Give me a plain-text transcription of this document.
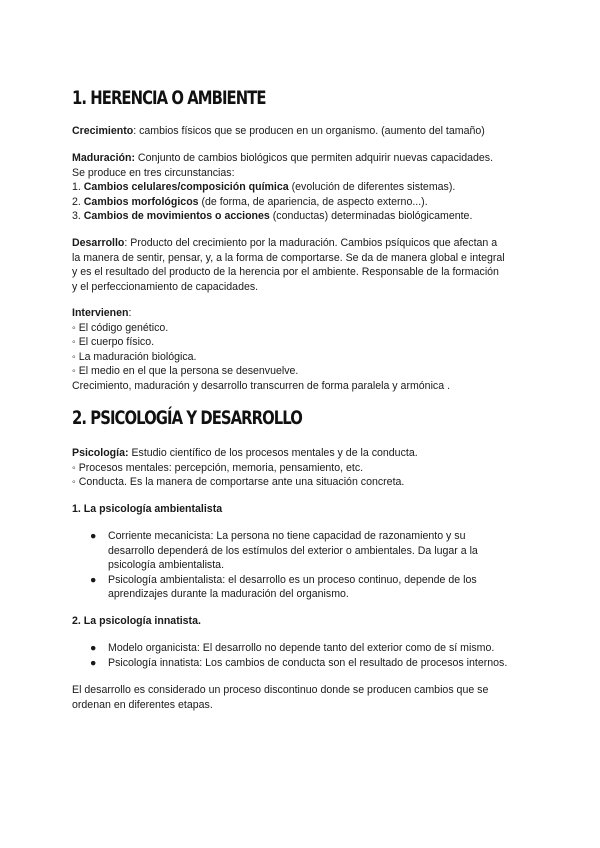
1. HERENCIA O AMBIENTE
Crecimiento: cambios físicos que se producen en un organismo. (aumento del tamaño)
Maduración: Conjunto de cambios biológicos que permiten adquirir nuevas capacidades.
Se produce en tres circunstancias:
1. Cambios celulares/composición química (evolución de diferentes sistemas).
2. Cambios morfológicos (de forma, de apariencia, de aspecto externo...).
3. Cambios de movimientos o acciones (conductas) determinadas biológicamente.
Desarrollo: Producto del crecimiento por la maduración. Cambios psíquicos que afectan a
la manera de sentir, pensar, y, a la forma de comportarse. Se da de manera global e integral
y es el resultado del producto de la herencia por el ambiente. Responsable de la formación
y el perfeccionamiento de capacidades.
Intervienen:
◦ El código genético.
◦ El cuerpo físico.
◦ La maduración biológica.
◦ El medio en el que la persona se desenvuelve.
Crecimiento, maduración y desarrollo transcurren de forma paralela y armónica .
2. PSICOLOGÍA Y DESARROLLO
Psicología: Estudio científico de los procesos mentales y de la conducta.
◦ Procesos mentales: percepción, memoria, pensamiento, etc.
◦ Conducta. Es la manera de comportarse ante una situación concreta.
1. La psicología ambientalista
● Corriente mecanicista: La persona no tiene capacidad de razonamiento y su
desarrollo dependerá de los estímulos del exterior o ambientales. Da lugar a la
psicología ambientalista.
● Psicología ambientalista: el desarrollo es un proceso continuo, depende de los
aprendizajes durante la maduración del organismo.
2. La psicología innatista.
● Modelo organicista: El desarrollo no depende tanto del exterior como de sí mismo.
● Psicología innatista: Los cambios de conducta son el resultado de procesos internos.
El desarrollo es considerado un proceso discontinuo donde se producen cambios que se
ordenan en diferentes etapas.
